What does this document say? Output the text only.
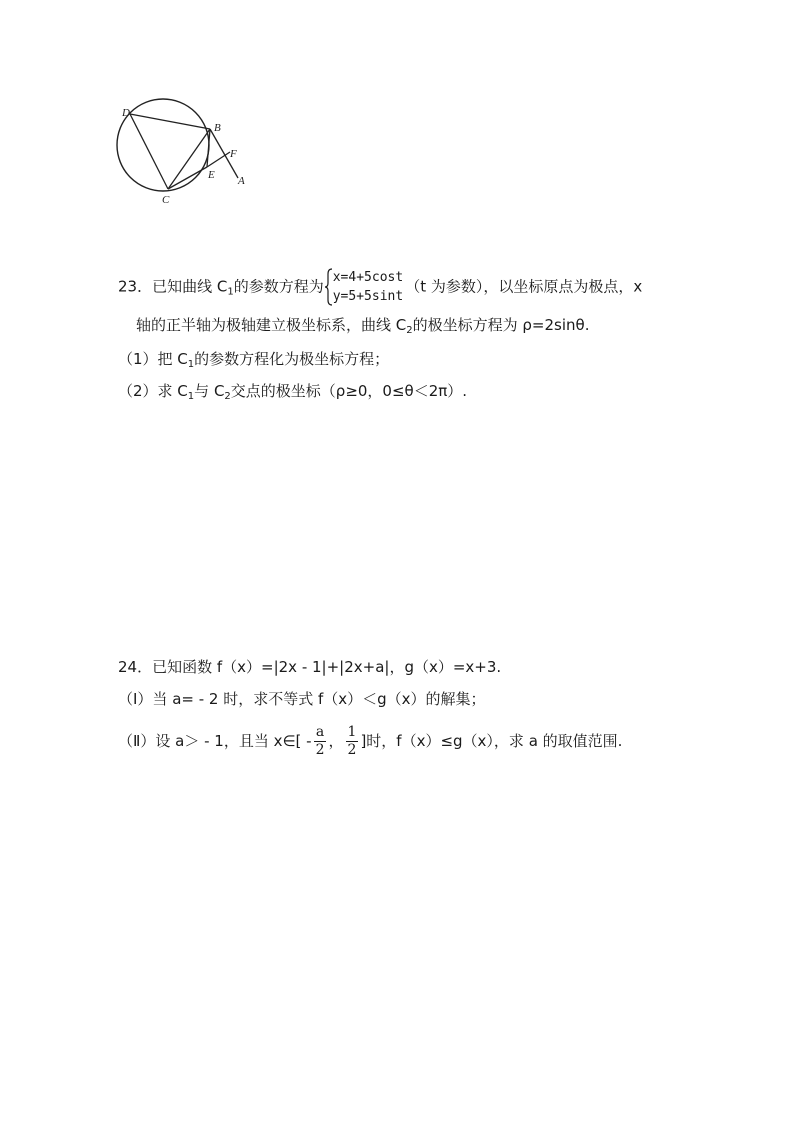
D
B
F
E A
C
23．已知曲线 $C_1$的参数方程为 x=4+5cost
y=5+5sint
（t 为参数），以坐标原点为极点，x
轴的正半轴为极轴建立极坐标系，曲线 $C_2$的极坐标方程为 ρ=2sinθ.
（1）把 $C_1$的参数方程化为极坐标方程；
（2）求 $C_1$与 $C_2$交点的极坐标（ρ≥0，0≤θ＜2π）.
24．已知函数 f（x）=|2x - 1|+|2x+a|，g（x）=x+3.
（Ⅰ）当 a= - 2 时，求不等式 f（x）＜g（x）的解集；
（Ⅱ）设 a＞ - 1，且当 x∈[ - $\frac{a}{2}$ ， $\frac{1}{2}$ ]时，f（x）≤g（x），求 a 的取值范围.
